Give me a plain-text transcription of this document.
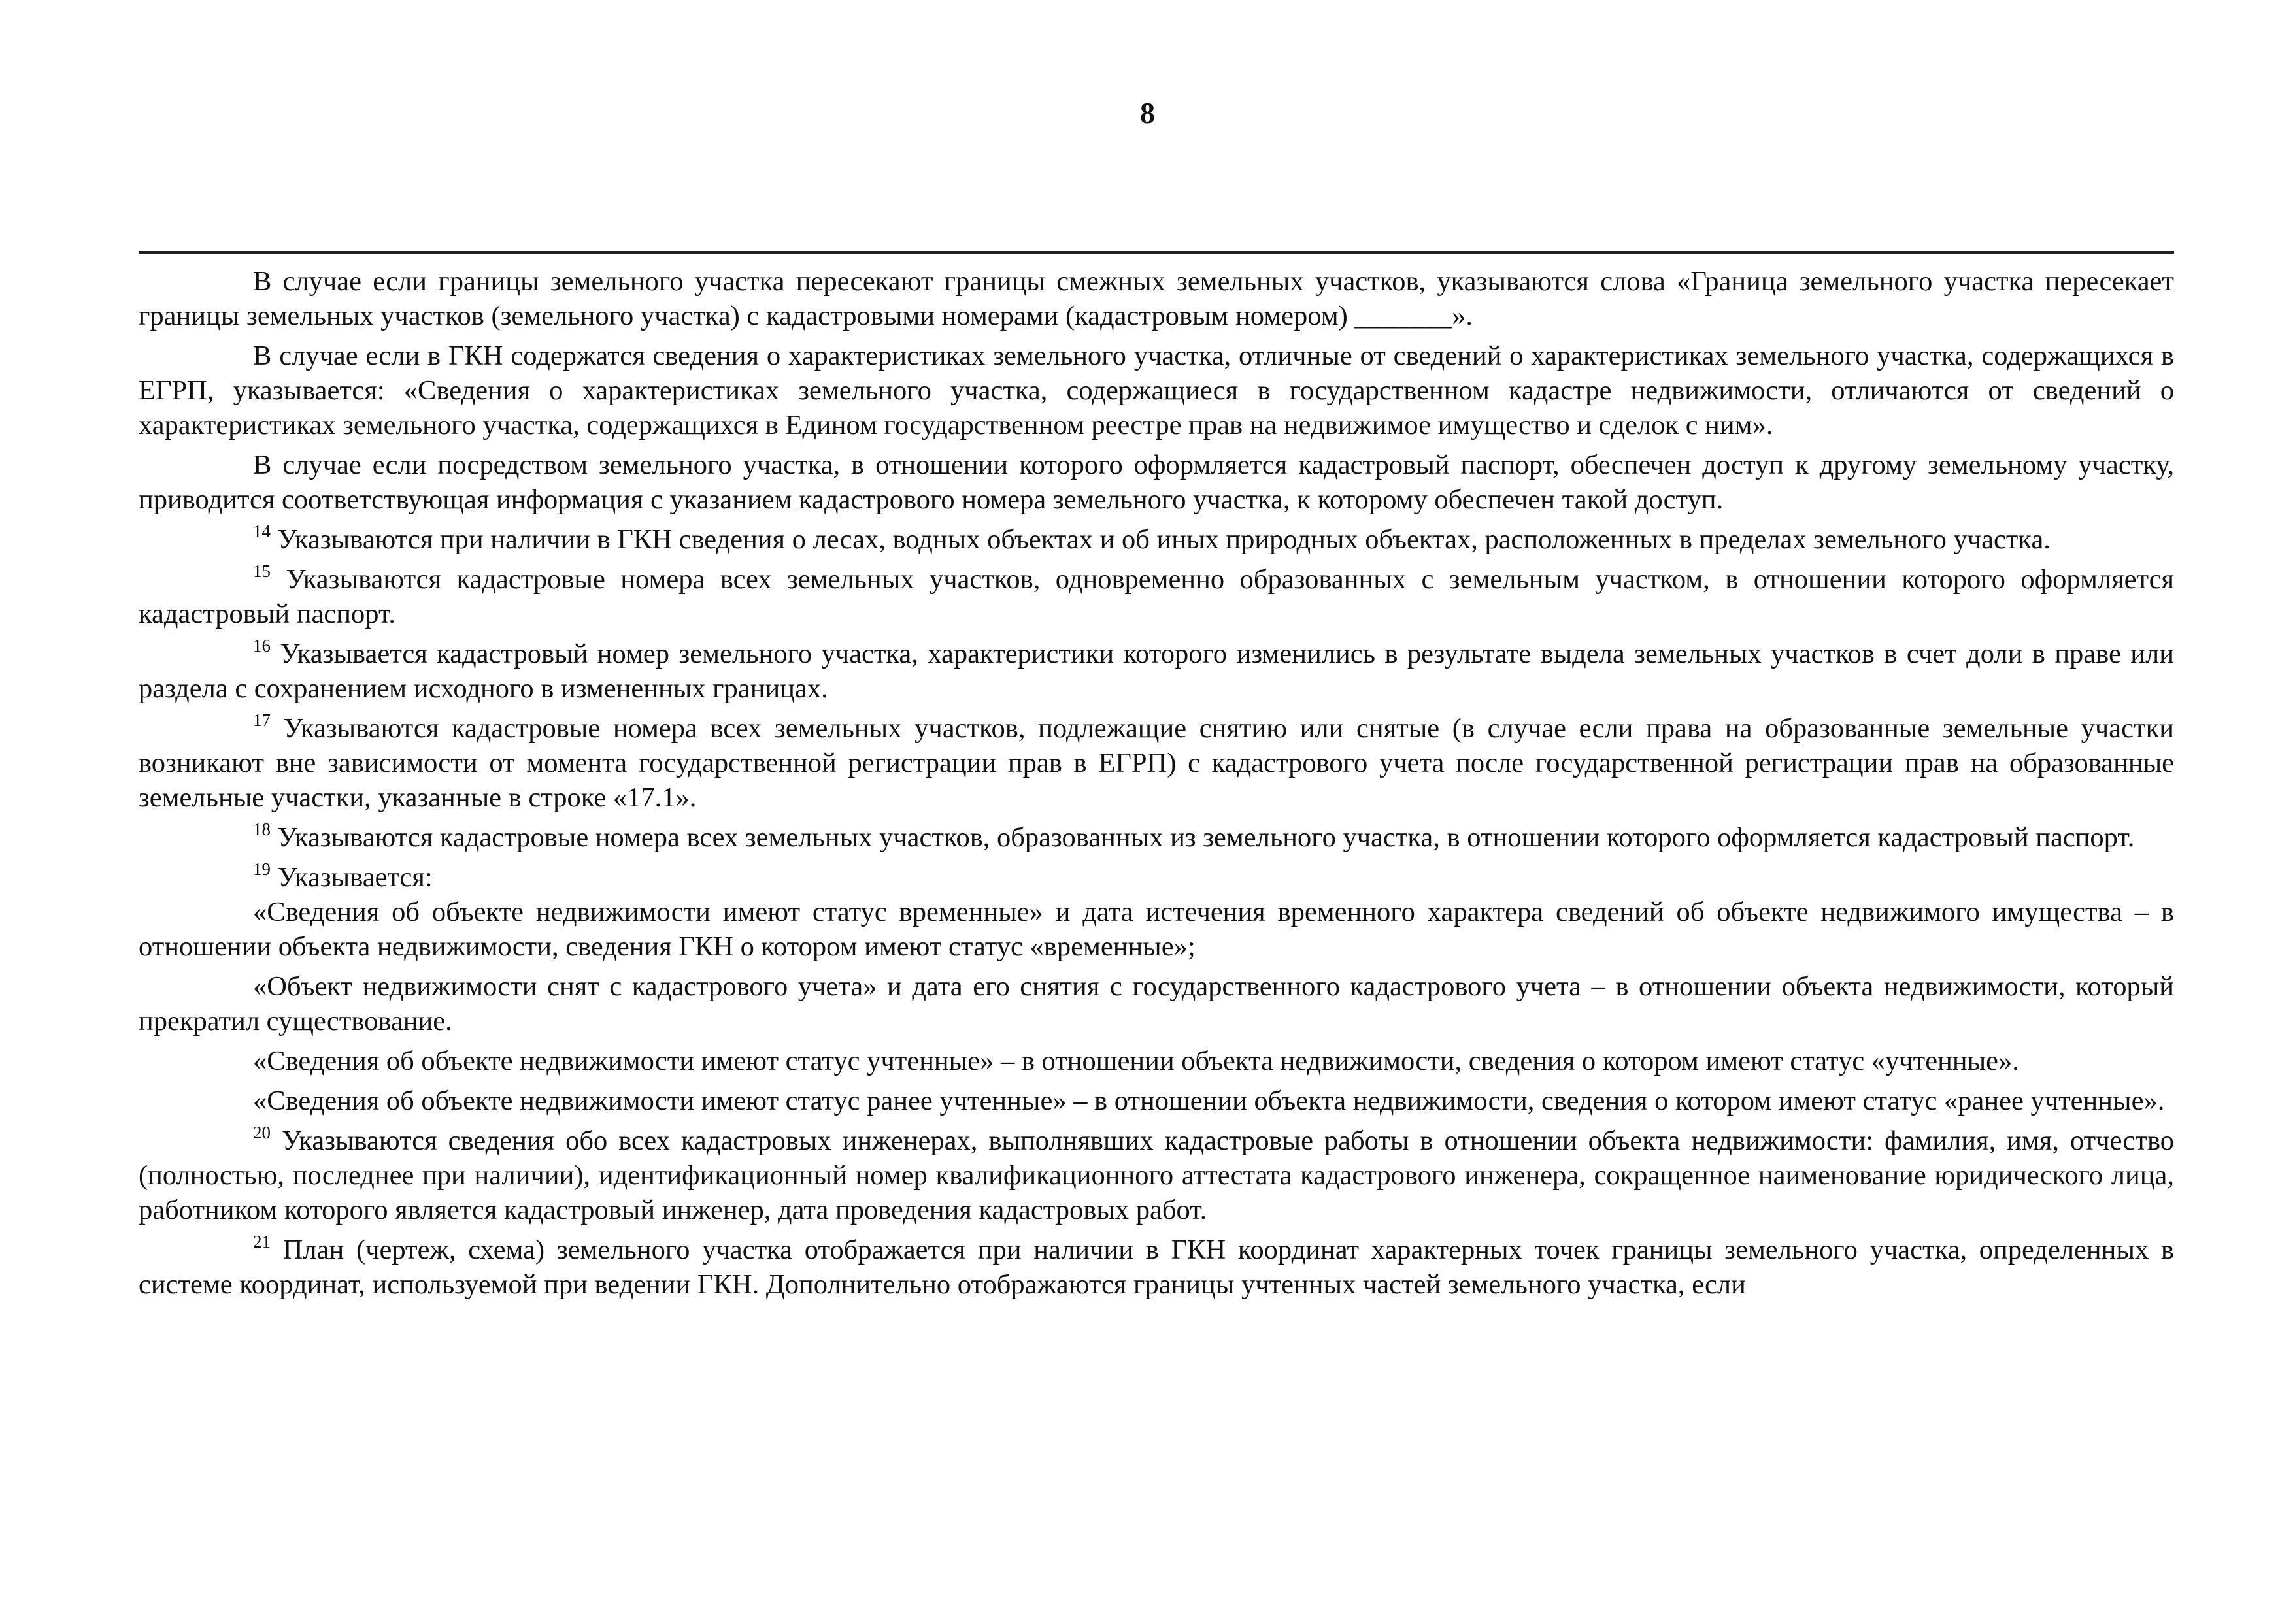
8

В случае если границы земельного участка пересекают границы смежных земельных участков, указываются слова «Граница земельного участка пересекает границы земельных участков (земельного участка) с кадастровыми номерами (кадастровым номером) _______».

В случае если в ГКН содержатся сведения о характеристиках земельного участка, отличные от сведений о характеристиках земельного участка, содержащихся в ЕГРП, указывается: «Сведения о характеристиках земельного участка, содержащиеся в государственном кадастре недвижимости, отличаются от сведений о характеристиках земельного участка, содержащихся в Едином государственном реестре прав на недвижимое имущество и сделок с ним».

В случае если посредством земельного участка, в отношении которого оформляется кадастровый паспорт, обеспечен доступ к другому земельному участку, приводится соответствующая информация с указанием кадастрового номера земельного участка, к которому обеспечен такой доступ.

$^{14}$ Указываются при наличии в ГКН сведения о лесах, водных объектах и об иных природных объектах, расположенных в пределах земельного участка.

$^{15}$ Указываются кадастровые номера всех земельных участков, одновременно образованных с земельным участком, в отношении которого оформляется кадастровый паспорт.

$^{16}$ Указывается кадастровый номер земельного участка, характеристики которого изменились в результате выдела земельных участков в счет доли в праве или раздела с сохранением исходного в измененных границах.

$^{17}$ Указываются кадастровые номера всех земельных участков, подлежащие снятию или снятые (в случае если права на образованные земельные участки возникают вне зависимости от момента государственной регистрации прав в ЕГРП) с кадастрового учета после государственной регистрации прав на образованные земельные участки, указанные в строке «17.1».

$^{18}$ Указываются кадастровые номера всех земельных участков, образованных из земельного участка, в отношении которого оформляется кадастровый паспорт.

$^{19}$ Указывается:

«Сведения об объекте недвижимости имеют статус временные» и дата истечения временного характера сведений об объекте недвижимого имущества – в отношении объекта недвижимости, сведения ГКН о котором имеют статус «временные»;

«Объект недвижимости снят с кадастрового учета» и дата его снятия с государственного кадастрового учета – в отношении объекта недвижимости, который прекратил существование.

«Сведения об объекте недвижимости имеют статус учтенные» – в отношении объекта недвижимости, сведения о котором имеют статус «учтенные».

«Сведения об объекте недвижимости имеют статус ранее учтенные» – в отношении объекта недвижимости, сведения о котором имеют статус «ранее учтенные».

$^{20}$ Указываются сведения обо всех кадастровых инженерах, выполнявших кадастровые работы в отношении объекта недвижимости: фамилия, имя, отчество (полностью, последнее при наличии), идентификационный номер квалификационного аттестата кадастрового инженера, сокращенное наименование юридического лица, работником которого является кадастровый инженер, дата проведения кадастровых работ.

$^{21}$ План (чертеж, схема) земельного участка отображается при наличии в ГКН координат характерных точек границы земельного участка, определенных в системе координат, используемой при ведении ГКН. Дополнительно отображаются границы учтенных частей земельного участка, если
